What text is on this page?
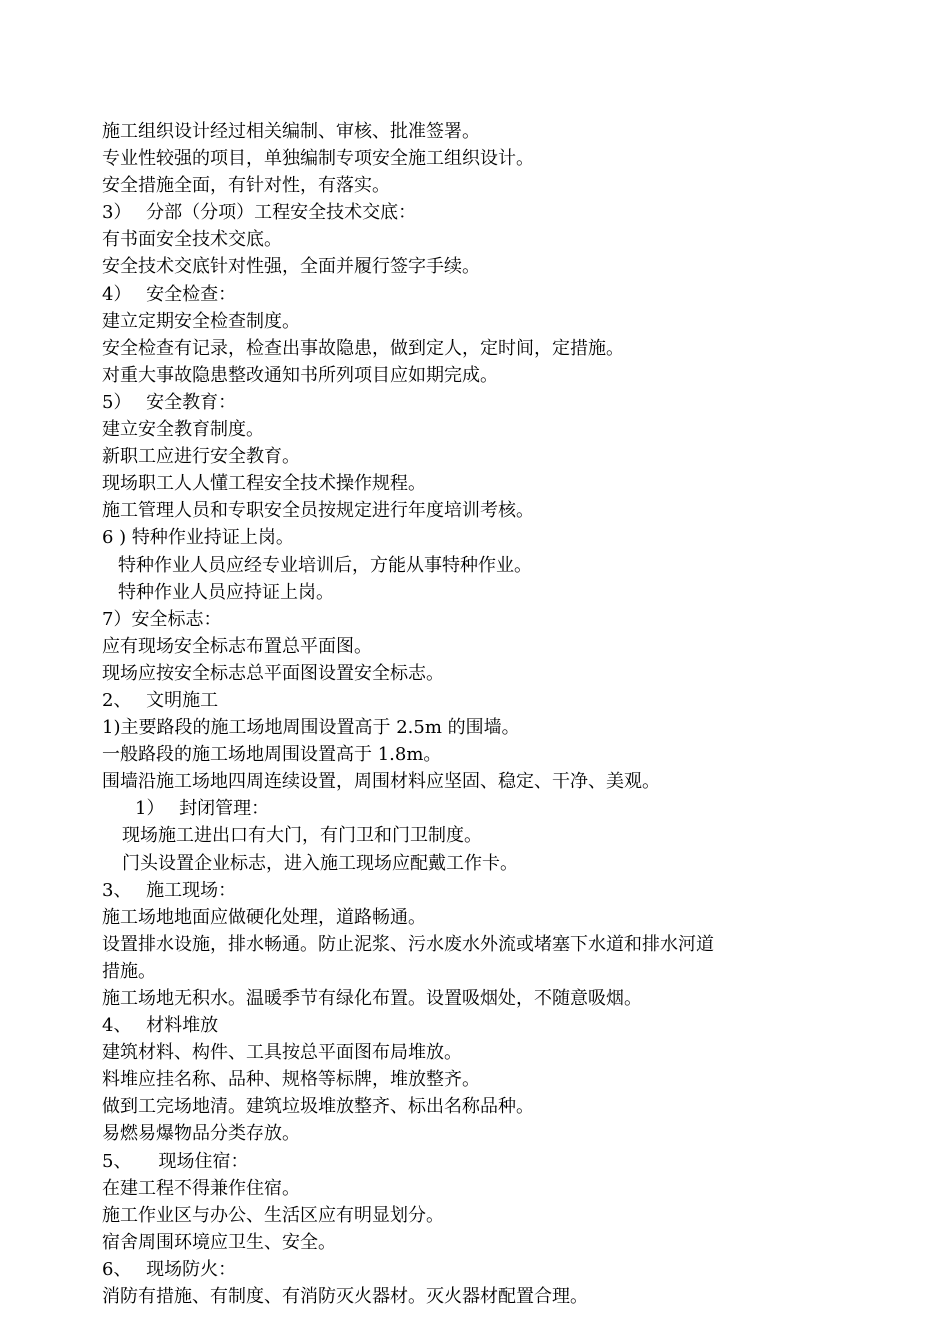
施工组织设计经过相关编制、审核、批准签署。
专业性较强的项目，单独编制专项安全施工组织设计。
安全措施全面，有针对性，有落实。
3）　 分部（分项）工程安全技术交底：
有书面安全技术交底。
安全技术交底针对性强，全面并履行签字手续。
4）　 安全检查：
建立定期安全检查制度。
安全检查有记录，检查出事故隐患，做到定人，定时间，定措施。
对重大事故隐患整改通知书所列项目应如期完成。
5）　 安全教育：
建立安全教育制度。
新职工应进行安全教育。
现场职工人人懂工程安全技术操作规程。
施工管理人员和专职安全员按规定进行年度培训考核。
6 ) 特种作业持证上岗。
特种作业人员应经专业培训后，方能从事特种作业。
特种作业人员应持证上岗。
7）安全标志：
应有现场安全标志布置总平面图。
现场应按安全标志总平面图设置安全标志。
2、　 文明施工
1)主要路段的施工场地周围设置高于 2.5m 的围墙。
一般路段的施工场地周围设置高于 1.8m。
围墙沿施工场地四周连续设置，周围材料应坚固、稳定、干净、美观。
1）　 封闭管理：
现场施工进出口有大门，有门卫和门卫制度。
门头设置企业标志，进入施工现场应配戴工作卡。
3、　 施工现场：
施工场地地面应做硬化处理，道路畅通。
设置排水设施，排水畅通。防止泥浆、污水废水外流或堵塞下水道和排水河道
措施。
施工场地无积水。温暖季节有绿化布置。设置吸烟处，不随意吸烟。
4、　 材料堆放
建筑材料、构件、工具按总平面图布局堆放。
料堆应挂名称、品种、规格等标牌，堆放整齐。
做到工完场地清。建筑垃圾堆放整齐、标出名称品种。
易燃易爆物品分类存放。
5、　　现场住宿：
在建工程不得兼作住宿。
施工作业区与办公、生活区应有明显划分。
宿舍周围环境应卫生、安全。
6、　 现场防火：
消防有措施、有制度、有消防灭火器材。灭火器材配置合理。
